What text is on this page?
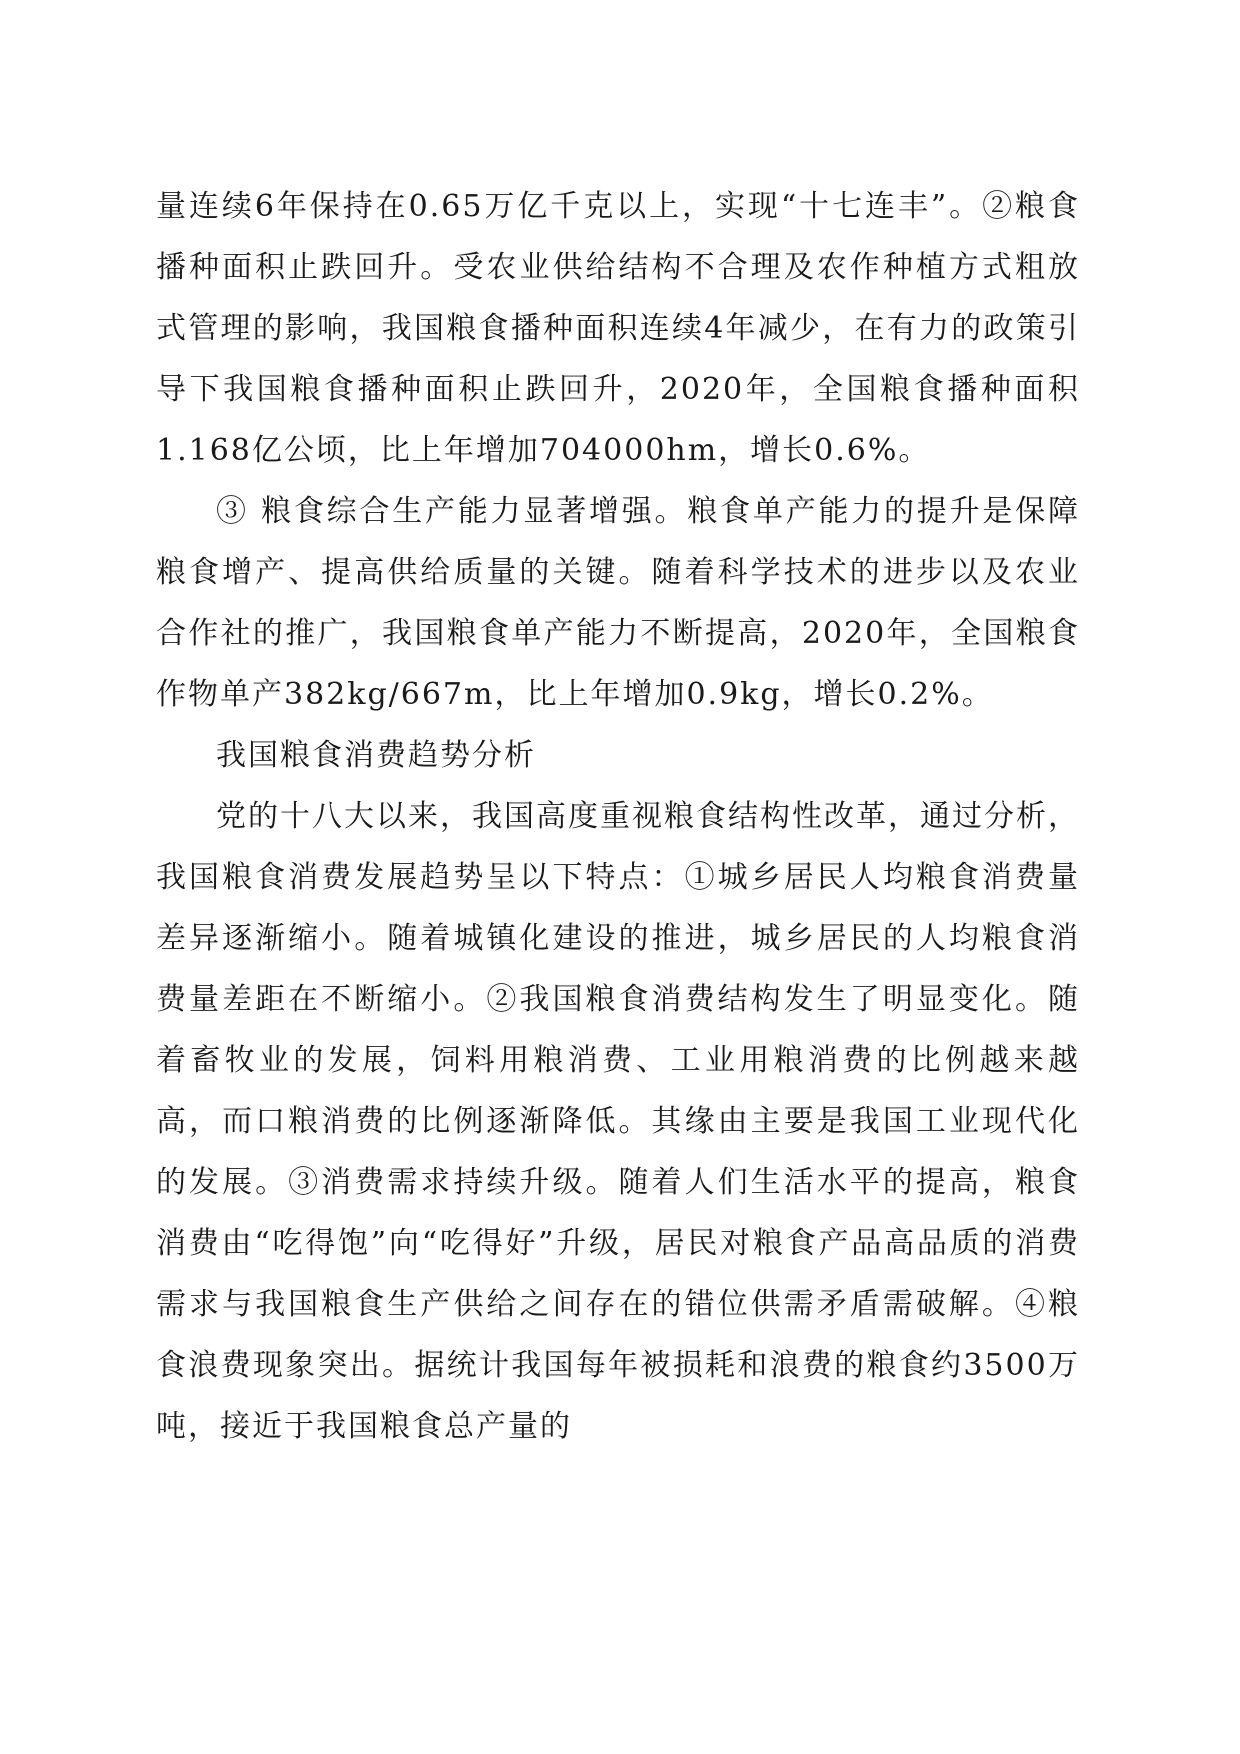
量连续6年保持在0.65万亿千克以上，实现“十七连丰”。②粮食播种面积止跌回升。受农业供给结构不合理及农作种植方式粗放式管理的影响，我国粮食播种面积连续4年减少，在有力的政策引导下我国粮食播种面积止跌回升，2020年，全国粮食播种面积1.168亿公顷，比上年增加704000hm，增长0.6%。

③ 粮食综合生产能力显著增强。粮食单产能力的提升是保障粮食增产、提高供给质量的关键。随着科学技术的进步以及农业合作社的推广，我国粮食单产能力不断提高，2020年，全国粮食作物单产382kg/667m，比上年增加0.9kg，增长0.2%。

我国粮食消费趋势分析

党的十八大以来，我国高度重视粮食结构性改革，通过分析，我国粮食消费发展趋势呈以下特点：①城乡居民人均粮食消费量差异逐渐缩小。随着城镇化建设的推进，城乡居民的人均粮食消费量差距在不断缩小。②我国粮食消费结构发生了明显变化。随着畜牧业的发展，饲料用粮消费、工业用粮消费的比例越来越高，而口粮消费的比例逐渐降低。其缘由主要是我国工业现代化的发展。③消费需求持续升级。随着人们生活水平的提高，粮食消费由“吃得饱”向“吃得好”升级，居民对粮食产品高品质的消费需求与我国粮食生产供给之间存在的错位供需矛盾需破解。④粮食浪费现象突出。据统计我国每年被损耗和浪费的粮食约3500万吨，接近于我国粮食总产量的
